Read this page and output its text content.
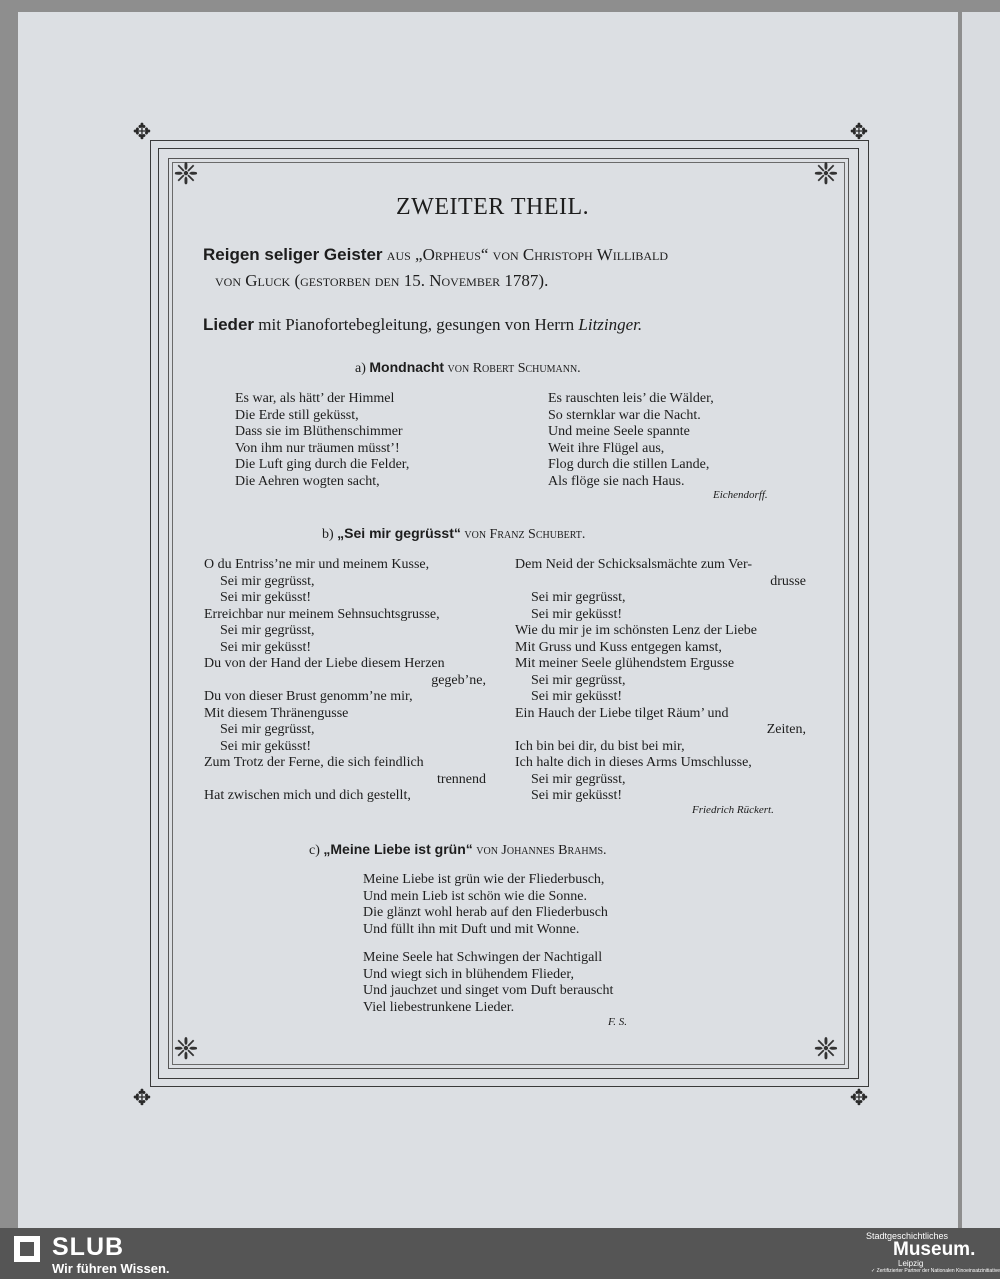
✥	✥
✥	✥
❈	❈
❈	❈
ZWEITER THEIL.
Reigen seliger Geister aus „Orpheus“ von Christoph Willibald
von Gluck (gestorben den 15. November 1787).
Lieder mit Pianofortebegleitung, gesungen von Herrn Litzinger.
a) Mondnacht von Robert Schumann.

Es war, als hätt’ der Himmel

Die Erde still geküsst,

Dass sie im Blüthenschimmer

Von ihm nur träumen müsst’!

Die Luft ging durch die Felder,

Die Aehren wogten sacht,

Es rauschten leis’ die Wälder,

So sternklar war die Nacht.

Und meine Seele spannte

Weit ihre Flügel aus,

Flog durch die stillen Lande,

Als flöge sie nach Haus.

Eichendorff.
b) „Sei mir gegrüsst“ von Franz Schubert.

O du Entriss’ne mir und meinem Kusse,

Sei mir gegrüsst,

Sei mir geküsst!

Erreichbar nur meinem Sehnsuchtsgrusse,

Sei mir gegrüsst,

Sei mir geküsst!

Du von der Hand der Liebe diesem Herzen

gegeb’ne,

Du von dieser Brust genomm’ne mir,

Mit diesem Thränengusse

Sei mir gegrüsst,

Sei mir geküsst!

Zum Trotz der Ferne, die sich feindlich

trennend

Hat zwischen mich und dich gestellt,

Dem Neid der Schicksalsmächte zum Ver-

drusse

Sei mir gegrüsst,

Sei mir geküsst!

Wie du mir je im schönsten Lenz der Liebe

Mit Gruss und Kuss entgegen kamst,

Mit meiner Seele glühendstem Ergusse

Sei mir gegrüsst,

Sei mir geküsst!

Ein Hauch der Liebe tilget Räum’ und

Zeiten,

Ich bin bei dir, du bist bei mir,

Ich halte dich in dieses Arms Umschlusse,

Sei mir gegrüsst,

Sei mir geküsst!

Friedrich Rückert.
c) „Meine Liebe ist grün“ von Johannes Brahms.

Meine Liebe ist grün wie der Fliederbusch,

Und mein Lieb ist schön wie die Sonne.

Die glänzt wohl herab auf den Fliederbusch

Und füllt ihn mit Duft und mit Wonne.

Meine Seele hat Schwingen der Nachtigall

Und wiegt sich in blühendem Flieder,

Und jauchzet und singet vom Duft berauscht

Viel liebestrunkene Lieder.

F. S.
SLUB
Wir führen Wissen.
Stadtgeschichtliches
Museum.
Leipzig
✓ Zertifizierter Partner der Nationalen Kinoeinsatzinitiative
